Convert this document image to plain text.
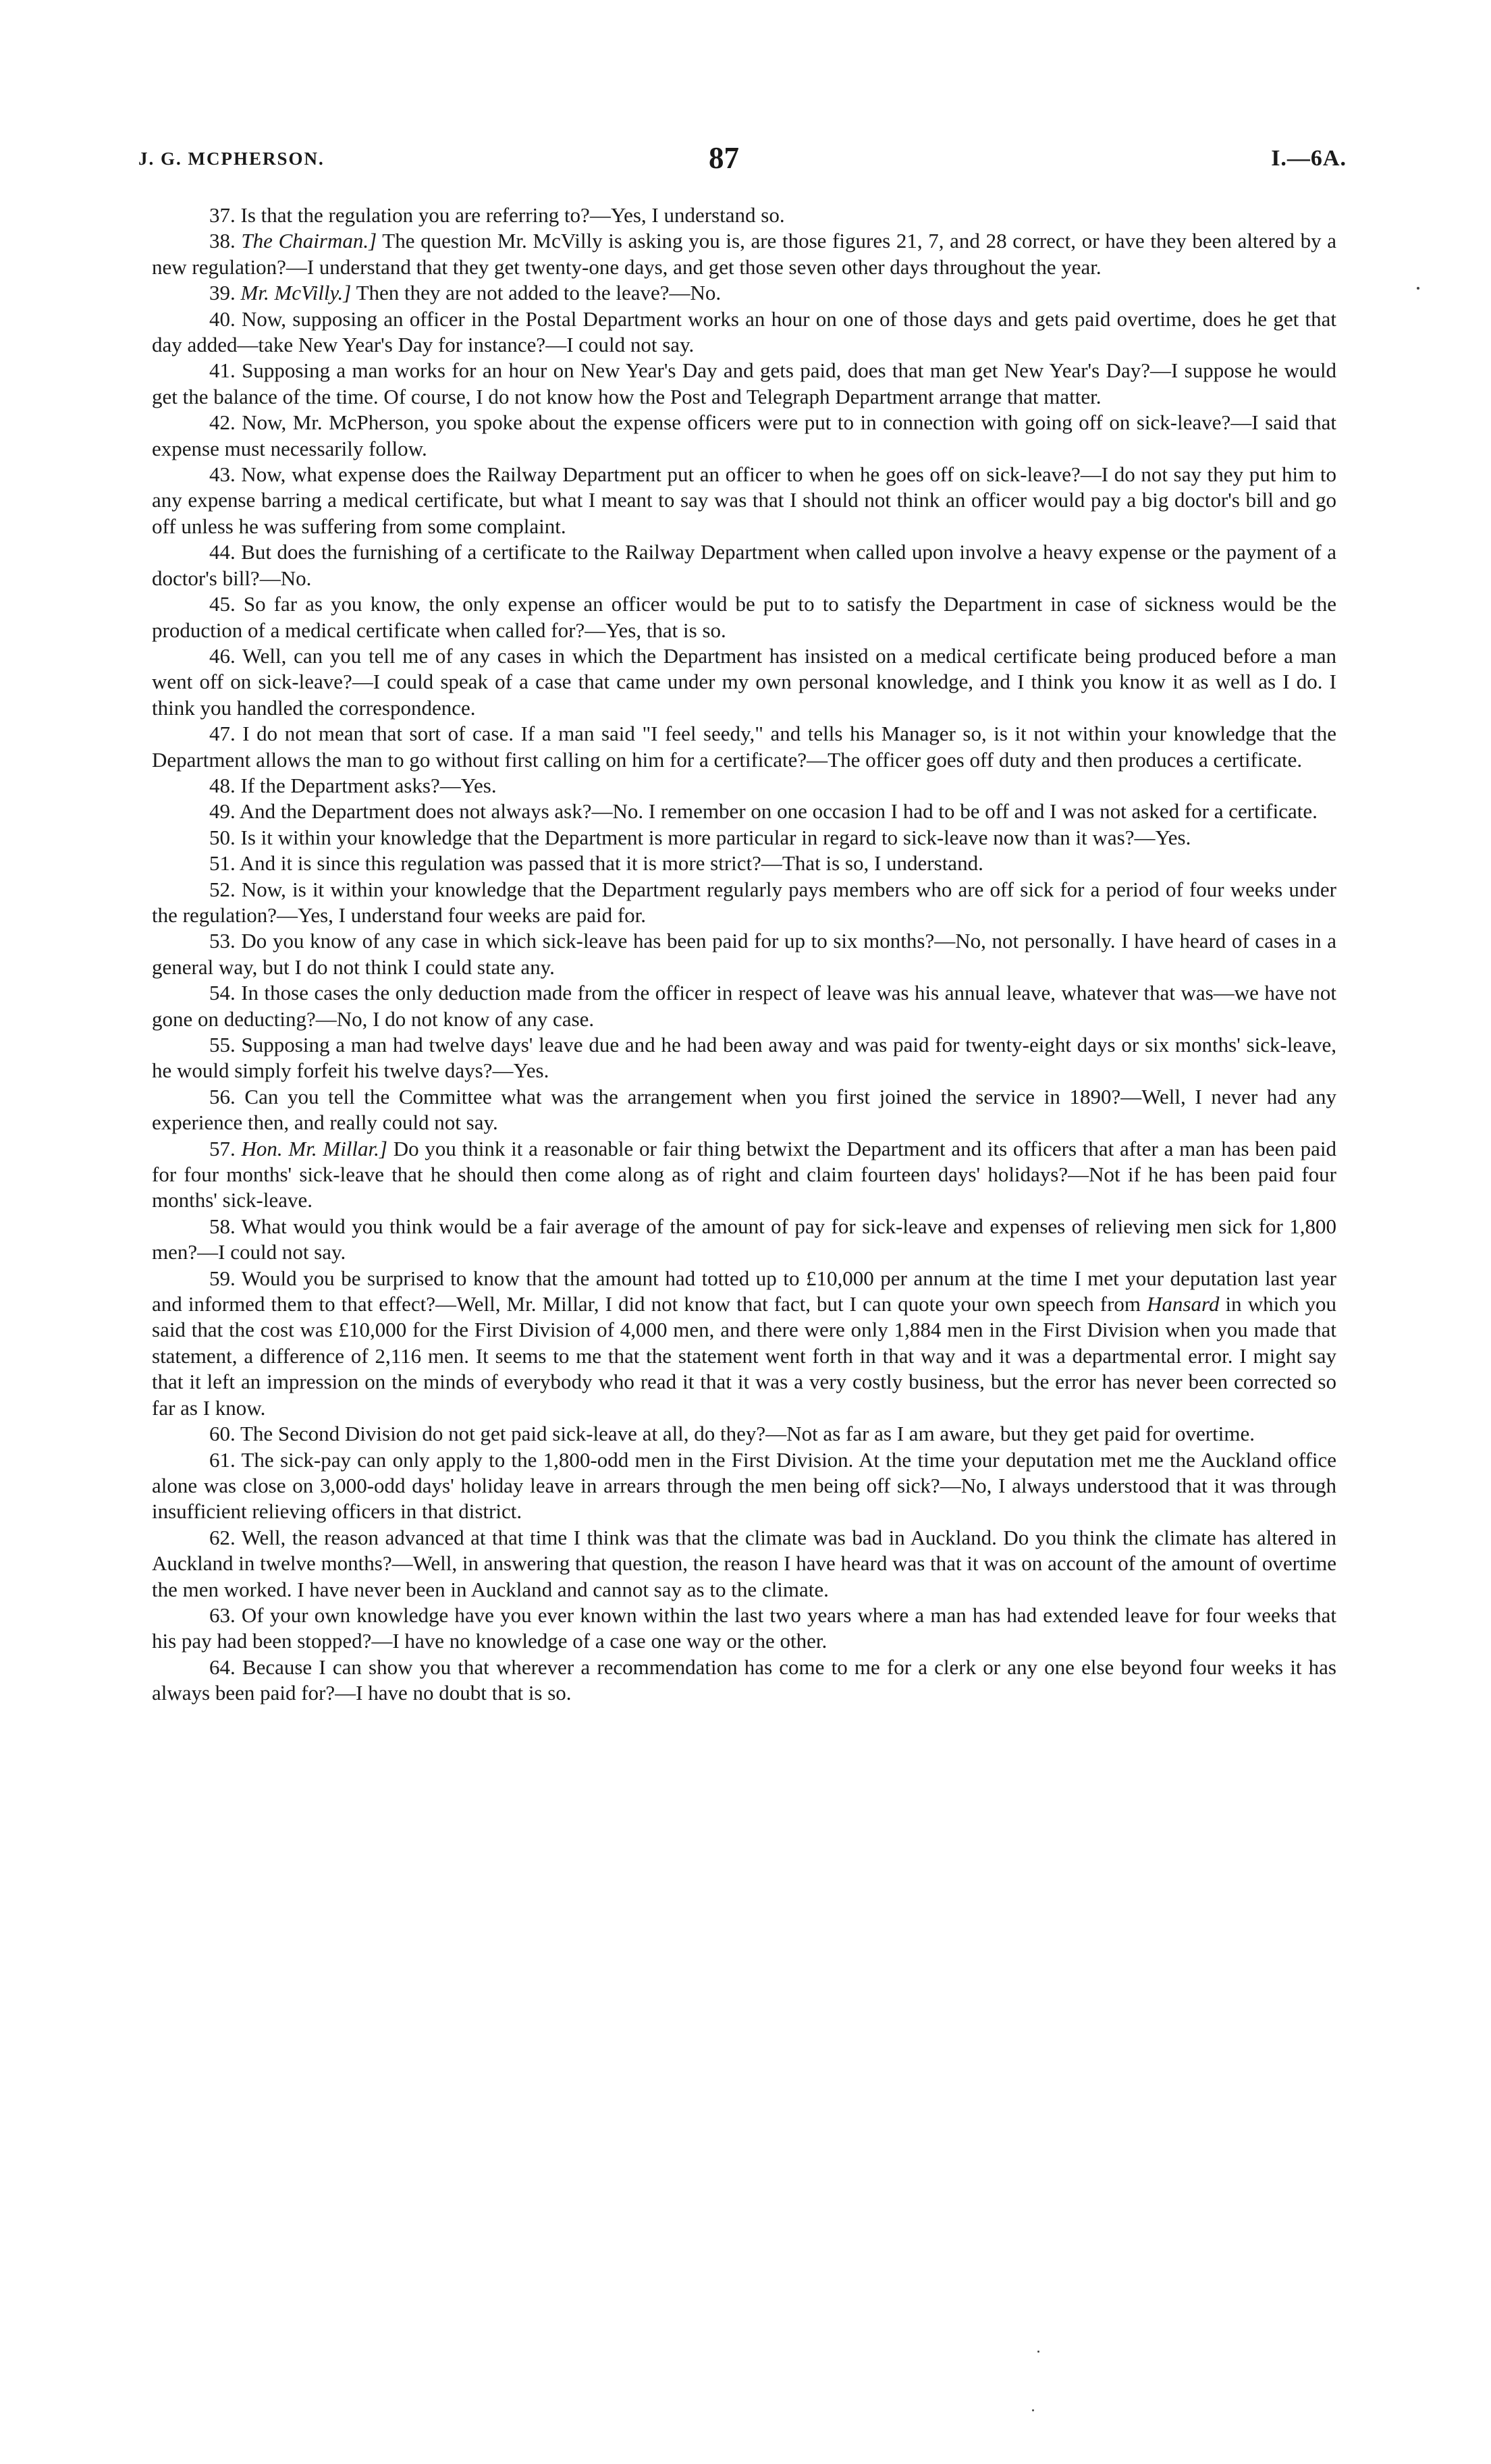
J. G. MCPHERSON.	87	I.—6A.

37. Is that the regulation you are referring to?—Yes, I understand so.

38. The Chairman.] The question Mr. McVilly is asking you is, are those figures 21, 7, and 28 correct, or have they been altered by a new regulation?—I understand that they get twenty-one days, and get those seven other days throughout the year.

39. Mr. McVilly.] Then they are not added to the leave?—No.

40. Now, supposing an officer in the Postal Department works an hour on one of those days and gets paid overtime, does he get that day added—take New Year's Day for instance?—I could not say.

41. Supposing a man works for an hour on New Year's Day and gets paid, does that man get New Year's Day?—I suppose he would get the balance of the time. Of course, I do not know how the Post and Telegraph Department arrange that matter.

42. Now, Mr. McPherson, you spoke about the expense officers were put to in connection with going off on sick-leave?—I said that expense must necessarily follow.

43. Now, what expense does the Railway Department put an officer to when he goes off on sick-leave?—I do not say they put him to any expense barring a medical certificate, but what I meant to say was that I should not think an officer would pay a big doctor's bill and go off unless he was suffering from some complaint.

44. But does the furnishing of a certificate to the Railway Department when called upon involve a heavy expense or the payment of a doctor's bill?—No.

45. So far as you know, the only expense an officer would be put to to satisfy the Department in case of sickness would be the production of a medical certificate when called for?—Yes, that is so.

46. Well, can you tell me of any cases in which the Department has insisted on a medical certificate being produced before a man went off on sick-leave?—I could speak of a case that came under my own personal knowledge, and I think you know it as well as I do. I think you handled the correspondence.

47. I do not mean that sort of case. If a man said "I feel seedy," and tells his Manager so, is it not within your knowledge that the Department allows the man to go without first calling on him for a certificate?—The officer goes off duty and then produces a certificate.

48. If the Department asks?—Yes.

49. And the Department does not always ask?—No. I remember on one occasion I had to be off and I was not asked for a certificate.

50. Is it within your knowledge that the Department is more particular in regard to sick-leave now than it was?—Yes.

51. And it is since this regulation was passed that it is more strict?—That is so, I understand.

52. Now, is it within your knowledge that the Department regularly pays members who are off sick for a period of four weeks under the regulation?—Yes, I understand four weeks are paid for.

53. Do you know of any case in which sick-leave has been paid for up to six months?—No, not personally. I have heard of cases in a general way, but I do not think I could state any.

54. In those cases the only deduction made from the officer in respect of leave was his annual leave, whatever that was—we have not gone on deducting?—No, I do not know of any case.

55. Supposing a man had twelve days' leave due and he had been away and was paid for twenty-eight days or six months' sick-leave, he would simply forfeit his twelve days?—Yes.

56. Can you tell the Committee what was the arrangement when you first joined the service in 1890?—Well, I never had any experience then, and really could not say.

57. Hon. Mr. Millar.] Do you think it a reasonable or fair thing betwixt the Department and its officers that after a man has been paid for four months' sick-leave that he should then come along as of right and claim fourteen days' holidays?—Not if he has been paid four months' sick-leave.

58. What would you think would be a fair average of the amount of pay for sick-leave and expenses of relieving men sick for 1,800 men?—I could not say.

59. Would you be surprised to know that the amount had totted up to £10,000 per annum at the time I met your deputation last year and informed them to that effect?—Well, Mr. Millar, I did not know that fact, but I can quote your own speech from Hansard in which you said that the cost was £10,000 for the First Division of 4,000 men, and there were only 1,884 men in the First Division when you made that statement, a difference of 2,116 men. It seems to me that the statement went forth in that way and it was a departmental error. I might say that it left an impression on the minds of everybody who read it that it was a very costly business, but the error has never been corrected so far as I know.

60. The Second Division do not get paid sick-leave at all, do they?—Not as far as I am aware, but they get paid for overtime.

61. The sick-pay can only apply to the 1,800-odd men in the First Division. At the time your deputation met me the Auckland office alone was close on 3,000-odd days' holiday leave in arrears through the men being off sick?—No, I always understood that it was through insufficient relieving officers in that district.

62. Well, the reason advanced at that time I think was that the climate was bad in Auckland. Do you think the climate has altered in Auckland in twelve months?—Well, in answering that question, the reason I have heard was that it was on account of the amount of overtime the men worked. I have never been in Auckland and cannot say as to the climate.

63. Of your own knowledge have you ever known within the last two years where a man has had extended leave for four weeks that his pay had been stopped?—I have no knowledge of a case one way or the other.

64. Because I can show you that wherever a recommendation has come to me for a clerk or any one else beyond four weeks it has always been paid for?—I have no doubt that is so.
